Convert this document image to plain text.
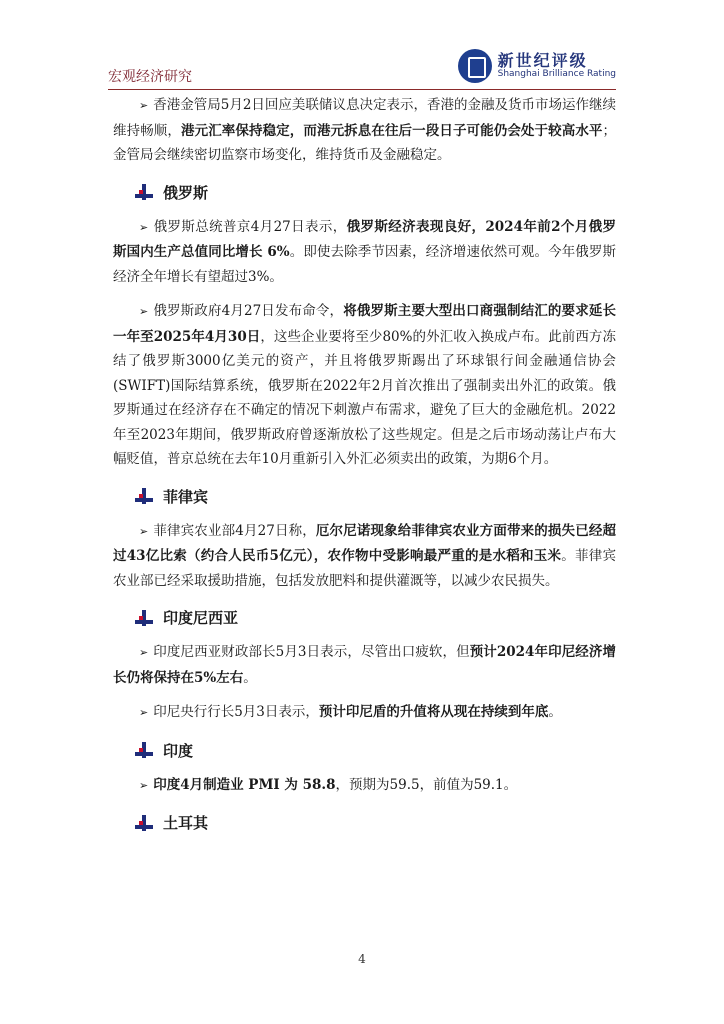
宏观经济研究
新世纪评级
Shanghai Brilliance Rating

➢ 香港金管局5月2日回应美联储议息决定表示，香港的金融及货币市场运作继续维持畅顺，港元汇率保持稳定，而港元拆息在往后一段日子可能仍会处于较高水平；金管局会继续密切监察市场变化，维持货币及金融稳定。

俄罗斯

➢ 俄罗斯总统普京4月27日表示，俄罗斯经济表现良好，2024年前2个月俄罗斯国内生产总值同比增长 6%。即使去除季节因素，经济增速依然可观。今年俄罗斯经济全年增长有望超过3%。

➢ 俄罗斯政府4月27日发布命令，将俄罗斯主要大型出口商强制结汇的要求延长一年至2025年4月30日，这些企业要将至少80%的外汇收入换成卢布。此前西方冻结了俄罗斯3000亿美元的资产，并且将俄罗斯踢出了环球银行间金融通信协会(SWIFT)国际结算系统，俄罗斯在2022年2月首次推出了强制卖出外汇的政策。俄罗斯通过在经济存在不确定的情况下刺激卢布需求，避免了巨大的金融危机。2022年至2023年期间，俄罗斯政府曾逐渐放松了这些规定。但是之后市场动荡让卢布大幅贬值，普京总统在去年10月重新引入外汇必须卖出的政策，为期6个月。

菲律宾

➢ 菲律宾农业部4月27日称，厄尔尼诺现象给菲律宾农业方面带来的损失已经超过43亿比索（约合人民币5亿元），农作物中受影响最严重的是水稻和玉米。菲律宾农业部已经采取援助措施，包括发放肥料和提供灌溉等，以减少农民损失。

印度尼西亚

➢ 印度尼西亚财政部长5月3日表示，尽管出口疲软，但预计2024年印尼经济增长仍将保持在5%左右。

➢ 印尼央行行长5月3日表示，预计印尼盾的升值将从现在持续到年底。

印度

➢ 印度4月制造业 PMI 为 58.8，预期为59.5，前值为59.1。

土耳其
4
